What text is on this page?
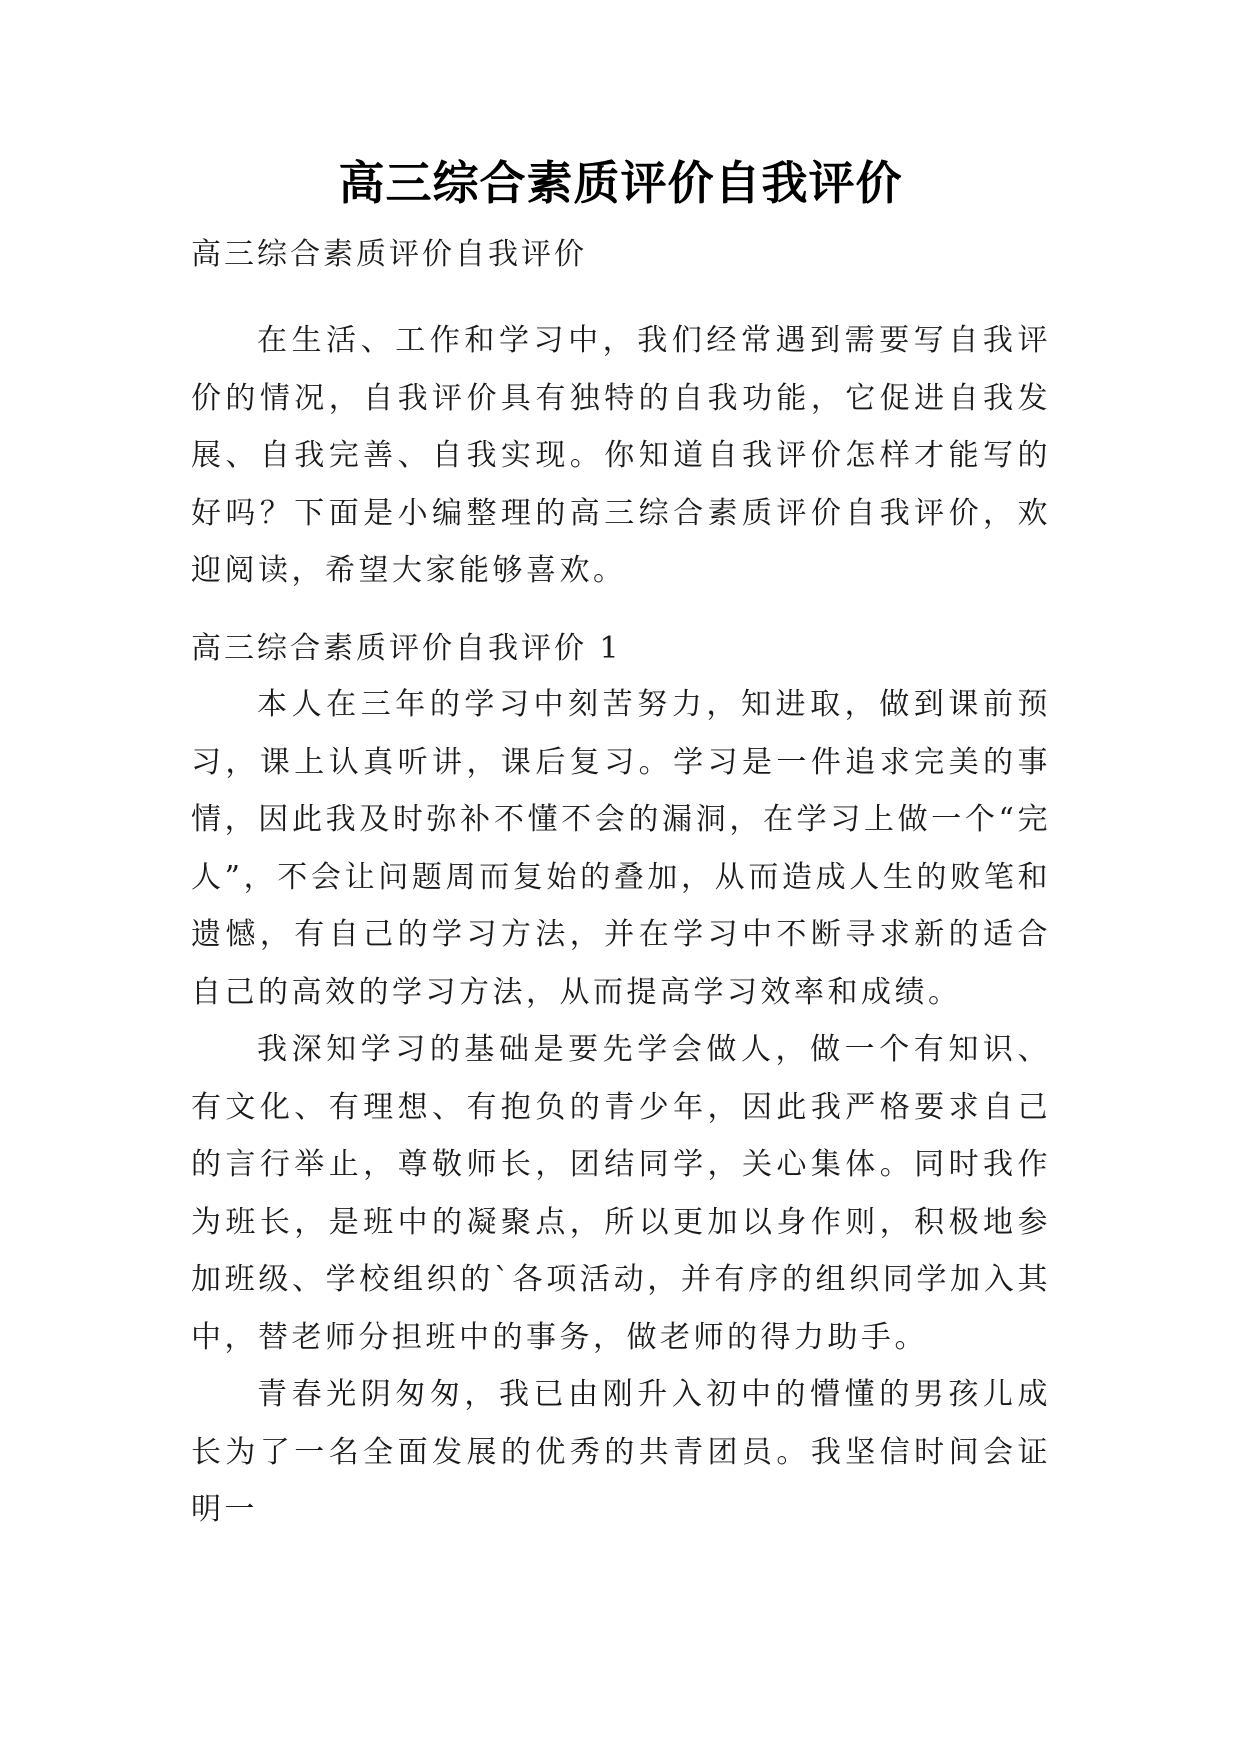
高三综合素质评价自我评价
高三综合素质评价自我评价

在生活、工作和学习中，我们经常遇到需要写自我评价的情况，自我评价具有独特的自我功能，它促进自我发展、自我完善、自我实现。你知道自我评价怎样才能写的好吗？下面是小编整理的高三综合素质评价自我评价，欢迎阅读，希望大家能够喜欢。

高三综合素质评价自我评价 1

本人在三年的学习中刻苦努力，知进取，做到课前预习，课上认真听讲，课后复习。学习是一件追求完美的事情，因此我及时弥补不懂不会的漏洞，在学习上做一个“完人”，不会让问题周而复始的叠加，从而造成人生的败笔和遗憾，有自己的学习方法，并在学习中不断寻求新的适合自己的高效的学习方法，从而提高学习效率和成绩。

我深知学习的基础是要先学会做人，做一个有知识、有文化、有理想、有抱负的青少年，因此我严格要求自己的言行举止，尊敬师长，团结同学，关心集体。同时我作为班长，是班中的凝聚点，所以更加以身作则，积极地参加班级、学校组织的`各项活动，并有序的组织同学加入其中，替老师分担班中的事务，做老师的得力助手。

青春光阴匆匆，我已由刚升入初中的懵懂的男孩儿成长为了一名全面发展的优秀的共青团员。我坚信时间会证明一
